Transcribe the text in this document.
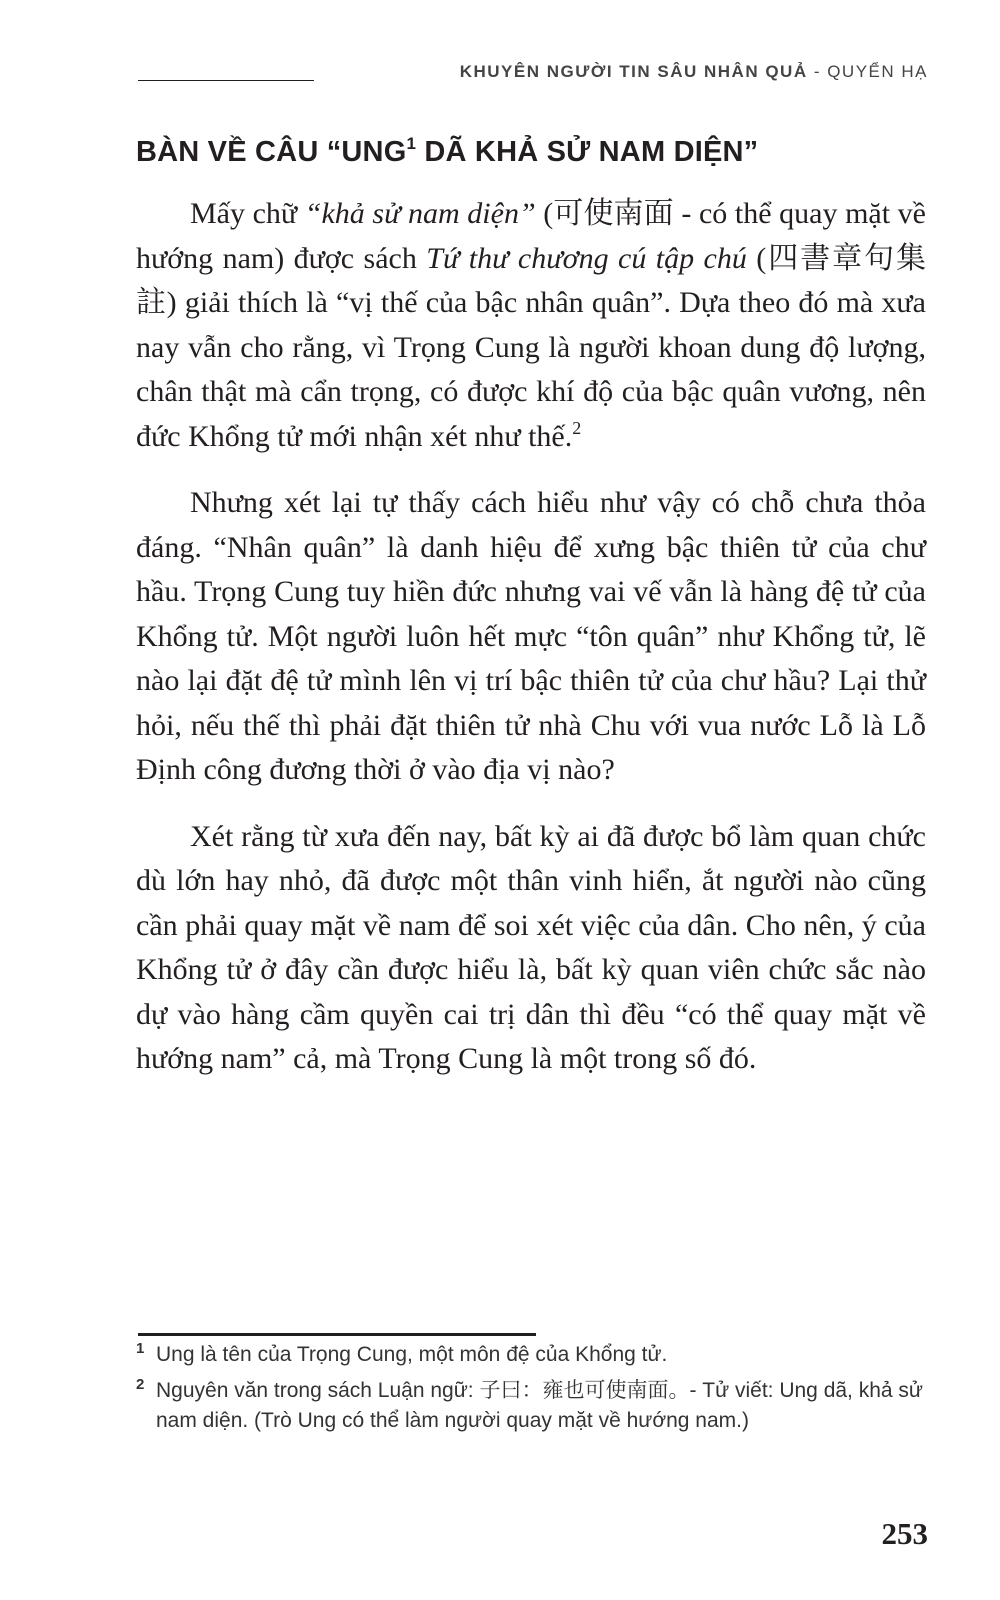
KHUYÊN NGƯỜI TIN SÂU NHÂN QUẢ - QUYỂN HẠ
BÀN VỀ CÂU “UNG$^1$ DÃ KHẢ SỬ NAM DIỆN”

Mấy chữ “khả sử nam diện” (可使南面 - có thể quay mặt về hướng nam) được sách Tứ thư chương cú tập chú (四書章句集註) giải thích là “vị thế của bậc nhân quân”. Dựa theo đó mà xưa nay vẫn cho rằng, vì Trọng Cung là người khoan dung độ lượng, chân thật mà cẩn trọng, có được khí độ của bậc quân vương, nên đức Khổng tử mới nhận xét như thế.$^2$

Nhưng xét lại tự thấy cách hiểu như vậy có chỗ chưa thỏa đáng. “Nhân quân” là danh hiệu để xưng bậc thiên tử của chư hầu. Trọng Cung tuy hiền đức nhưng vai vế vẫn là hàng đệ tử của Khổng tử. Một người luôn hết mực “tôn quân” như Khổng tử, lẽ nào lại đặt đệ tử mình lên vị trí bậc thiên tử của chư hầu? Lại thử hỏi, nếu thế thì phải đặt thiên tử nhà Chu với vua nước Lỗ là Lỗ Định công đương thời ở vào địa vị nào?

Xét rằng từ xưa đến nay, bất kỳ ai đã được bổ làm quan chức dù lớn hay nhỏ, đã được một thân vinh hiển, ắt người nào cũng cần phải quay mặt về nam để soi xét việc của dân. Cho nên, ý của Khổng tử ở đây cần được hiểu là, bất kỳ quan viên chức sắc nào dự vào hàng cầm quyền cai trị dân thì đều “có thể quay mặt về hướng nam” cả, mà Trọng Cung là một trong số đó.

1 Ung là tên của Trọng Cung, một môn đệ của Khổng tử.
2 Nguyên văn trong sách Luận ngữ: 子曰：雍也可使南面。- Tử viết: Ung dã, khả sử nam diện. (Trò Ung có thể làm người quay mặt về hướng nam.)
253
